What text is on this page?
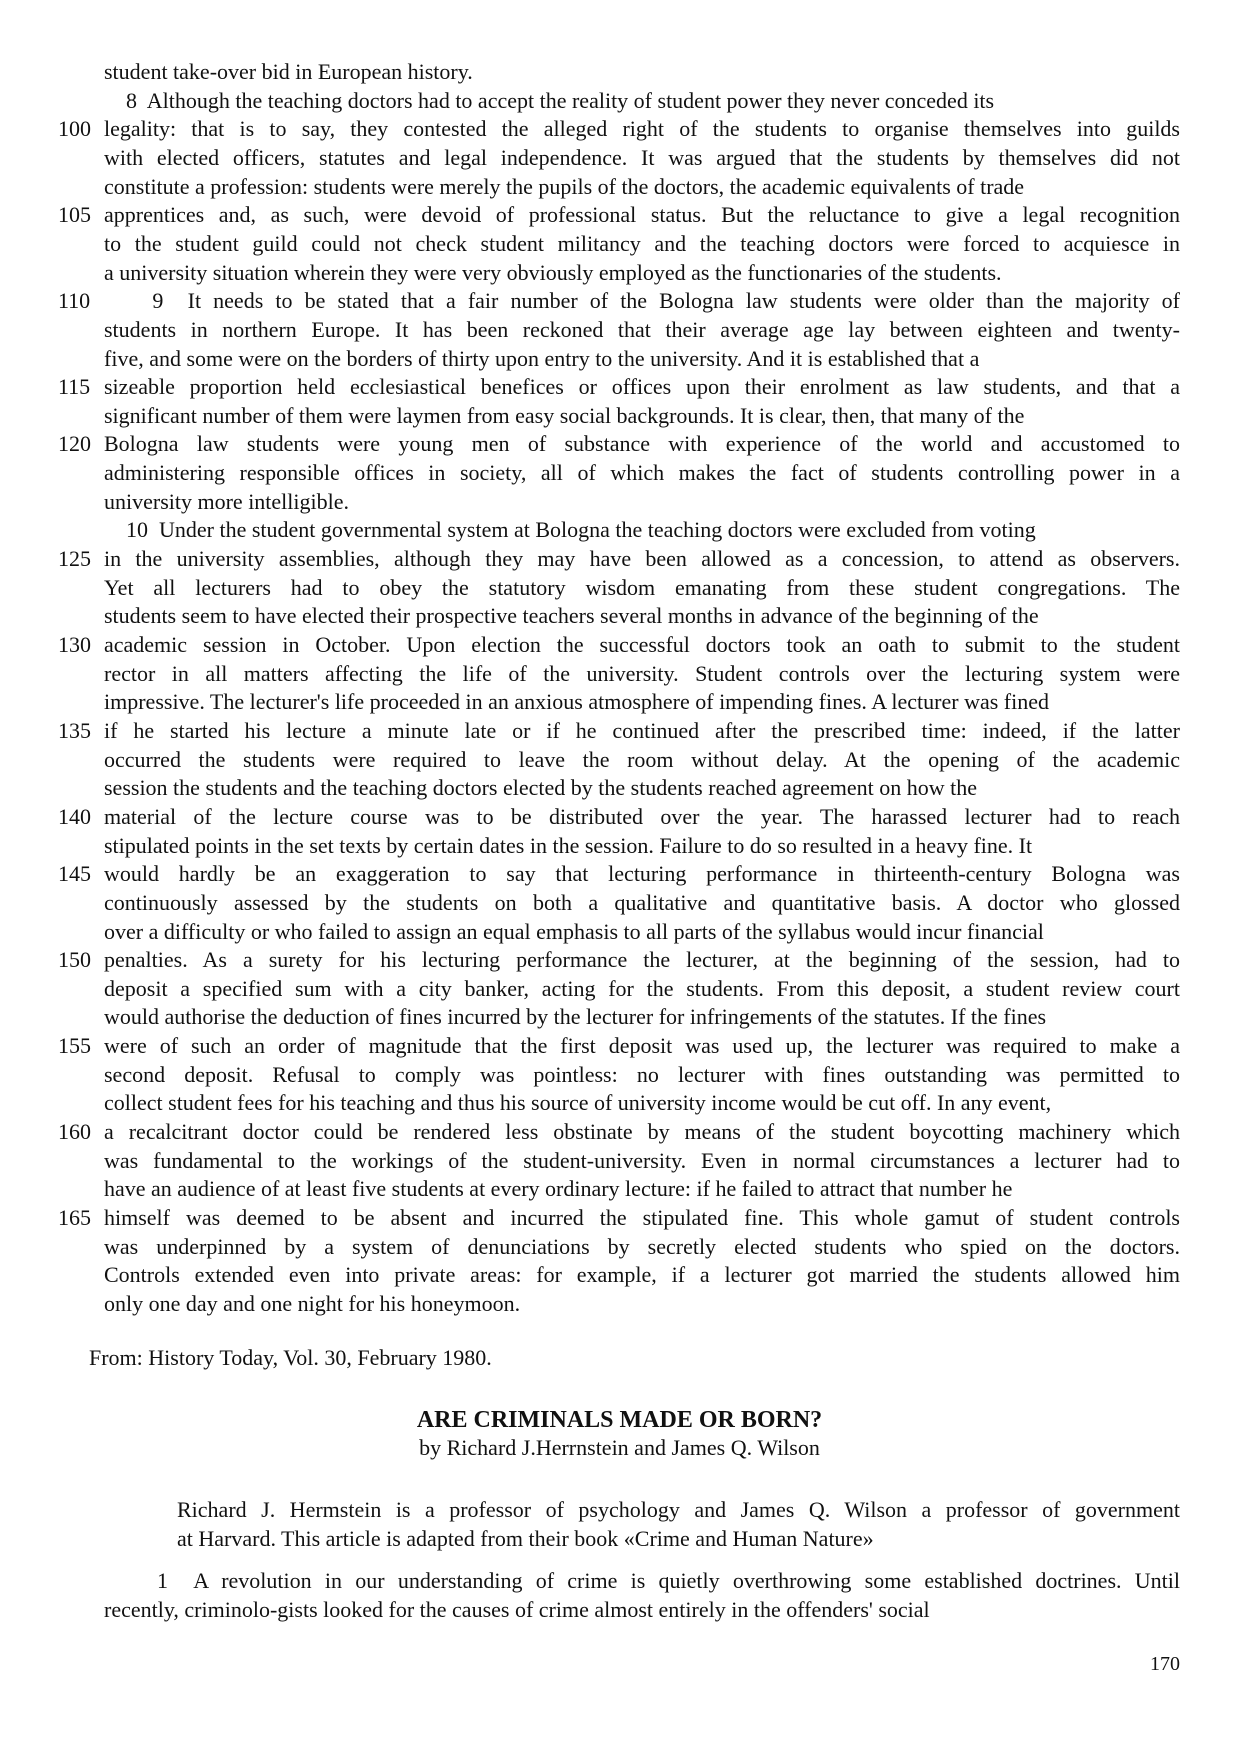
student take-over bid in European history.
8  Although the teaching doctors had to accept the reality of student power they never conceded its
legality: that is to say, they contested the alleged right of the students to organise themselves into guilds
with elected officers, statutes and legal independence. It was argued that the students by themselves did not
constitute a profession: students were merely the pupils of the doctors, the academic equivalents of trade
apprentices and, as such, were devoid of professional status. But the reluctance to give a legal recognition
to the student guild could not check student militancy and the teaching doctors were forced to acquiesce in
a university situation wherein they were very obviously employed as the functionaries of the students.
9  It needs to be stated that a fair number of the Bologna law students were older than the majority of
students in northern Europe. It has been reckoned that their average age lay between eighteen and twenty-
five, and some were on the borders of thirty upon entry to the university. And it is established that a
sizeable proportion held ecclesiastical benefices or offices upon their enrolment as law students, and that a
significant number of them were laymen from easy social backgrounds. It is clear, then, that many of the
Bologna law students were young men of substance with experience of the world and accustomed to
administering responsible offices in society, all of which makes the fact of students controlling power in a
university more intelligible.
10  Under the student governmental system at Bologna the teaching doctors were excluded from voting
in the university assemblies, although they may have been allowed as a concession, to attend as observers.
Yet all lecturers had to obey the statutory wisdom emanating from these student congregations. The
students seem to have elected their prospective teachers several months in advance of the beginning of the
academic session in October. Upon election the successful doctors took an oath to submit to the student
rector in all matters affecting the life of the university. Student controls over the lecturing system were
impressive. The lecturer's life proceeded in an anxious atmosphere of impending fines. A lecturer was fined
if he started his lecture a minute late or if he continued after the prescribed time: indeed, if the latter
occurred the students were required to leave the room without delay. At the opening of the academic
session the students and the teaching doctors elected by the students reached agreement on how the
material of the lecture course was to be distributed over the year. The harassed lecturer had to reach
stipulated points in the set texts by certain dates in the session. Failure to do so resulted in a heavy fine. It
would hardly be an exaggeration to say that lecturing performance in thirteenth-century Bologna was
continuously assessed by the students on both a qualitative and quantitative basis. A doctor who glossed
over a difficulty or who failed to assign an equal emphasis to all parts of the syllabus would incur financial
penalties. As a surety for his lecturing performance the lecturer, at the beginning of the session, had to
deposit a specified sum with a city banker, acting for the students. From this deposit, a student review court
would authorise the deduction of fines incurred by the lecturer for infringements of the statutes. If the fines
were of such an order of magnitude that the first deposit was used up, the lecturer was required to make a
second deposit. Refusal to comply was pointless: no lecturer with fines outstanding was permitted to
collect student fees for his teaching and thus his source of university income would be cut off. In any event,
a recalcitrant doctor could be rendered less obstinate by means of the student boycotting machinery which
was fundamental to the workings of the student-university. Even in normal circumstances a lecturer had to
have an audience of at least five students at every ordinary lecture: if he failed to attract that number he
himself was deemed to be absent and incurred the stipulated fine. This whole gamut of student controls
was underpinned by a system of denunciations by secretly elected students who spied on the doctors.
Controls extended even into private areas: for example, if a lecturer got married the students allowed him
only one day and one night for his honeymoon.
100
105
110
115
120
125
130
135
140
145
150
155
160
165
From: History Today, Vol. 30, February 1980.
ARE CRIMINALS MADE OR BORN?
by Richard J.Herrnstein and James Q. Wilson
Richard J. Hermstein is a professor of psychology and James Q. Wilson a professor of government
at Harvard. This article is adapted from their book «Crime and Human Nature»
1  A revolution in our understanding of crime is quietly overthrowing some established doctrines. Until
recently, criminolo-gists looked for the causes of crime almost entirely in the offenders' social
170
